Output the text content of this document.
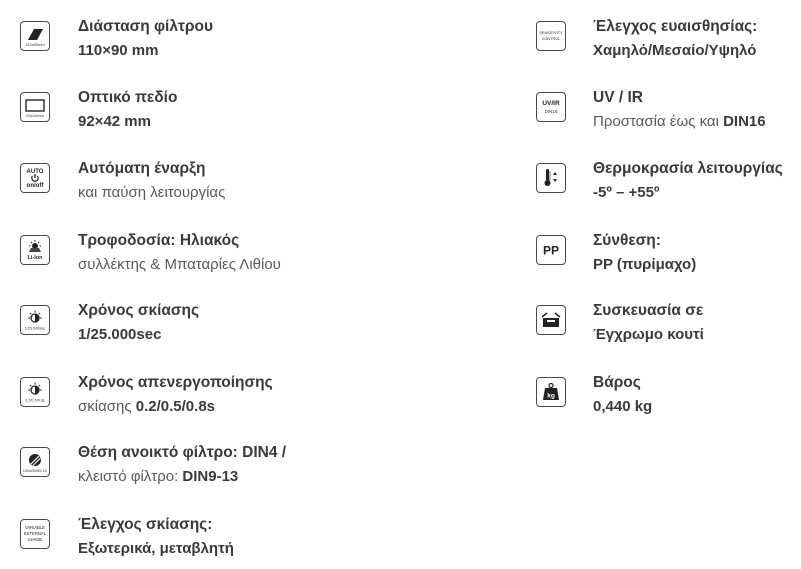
110x90mm
Διάσταση φίλτρου
110×90 mm
92x42mm
Οπτικό πεδίο
92×42 mm
AUTO
on/off
Αυτόματη έναρξη
και παύση λειτουργίας
Li-Ion
Τροφοδοσία: Ηλιακός
συλλέκτης & Μπαταρίες Λιθίου
1/25,000sec
Χρόνος σκίασης
1/25.000sec
0.2/0.5/0.8s
Χρόνος απενεργοποίησης
σκίασης 0.2/0.5/0.8s
DIN4/DIN9-13
Θέση ανοικτό φίλτρο: DIN4 /
κλειστό φίλτρο: DIN9-13
VARIABLE
EXTERNAL
SHADE
Έλεγχος σκίασης:
Εξωτερικά, μεταβλητή
SENSITIVITY
CONTROL
Έλεγχος ευαισθησίας:
Χαμηλό/Μεσαίο/Υψηλό
UV/IR
DIN16
UV / IR
Προστασία έως και DIN16
Θερμοκρασία λειτουργίας
-5º – +55º
PP
Σύνθεση:
PP (πυρίμαχο)
Συσκευασία σε
Έγχρωμο κουτί
kg
Βάρος
0,440 kg
